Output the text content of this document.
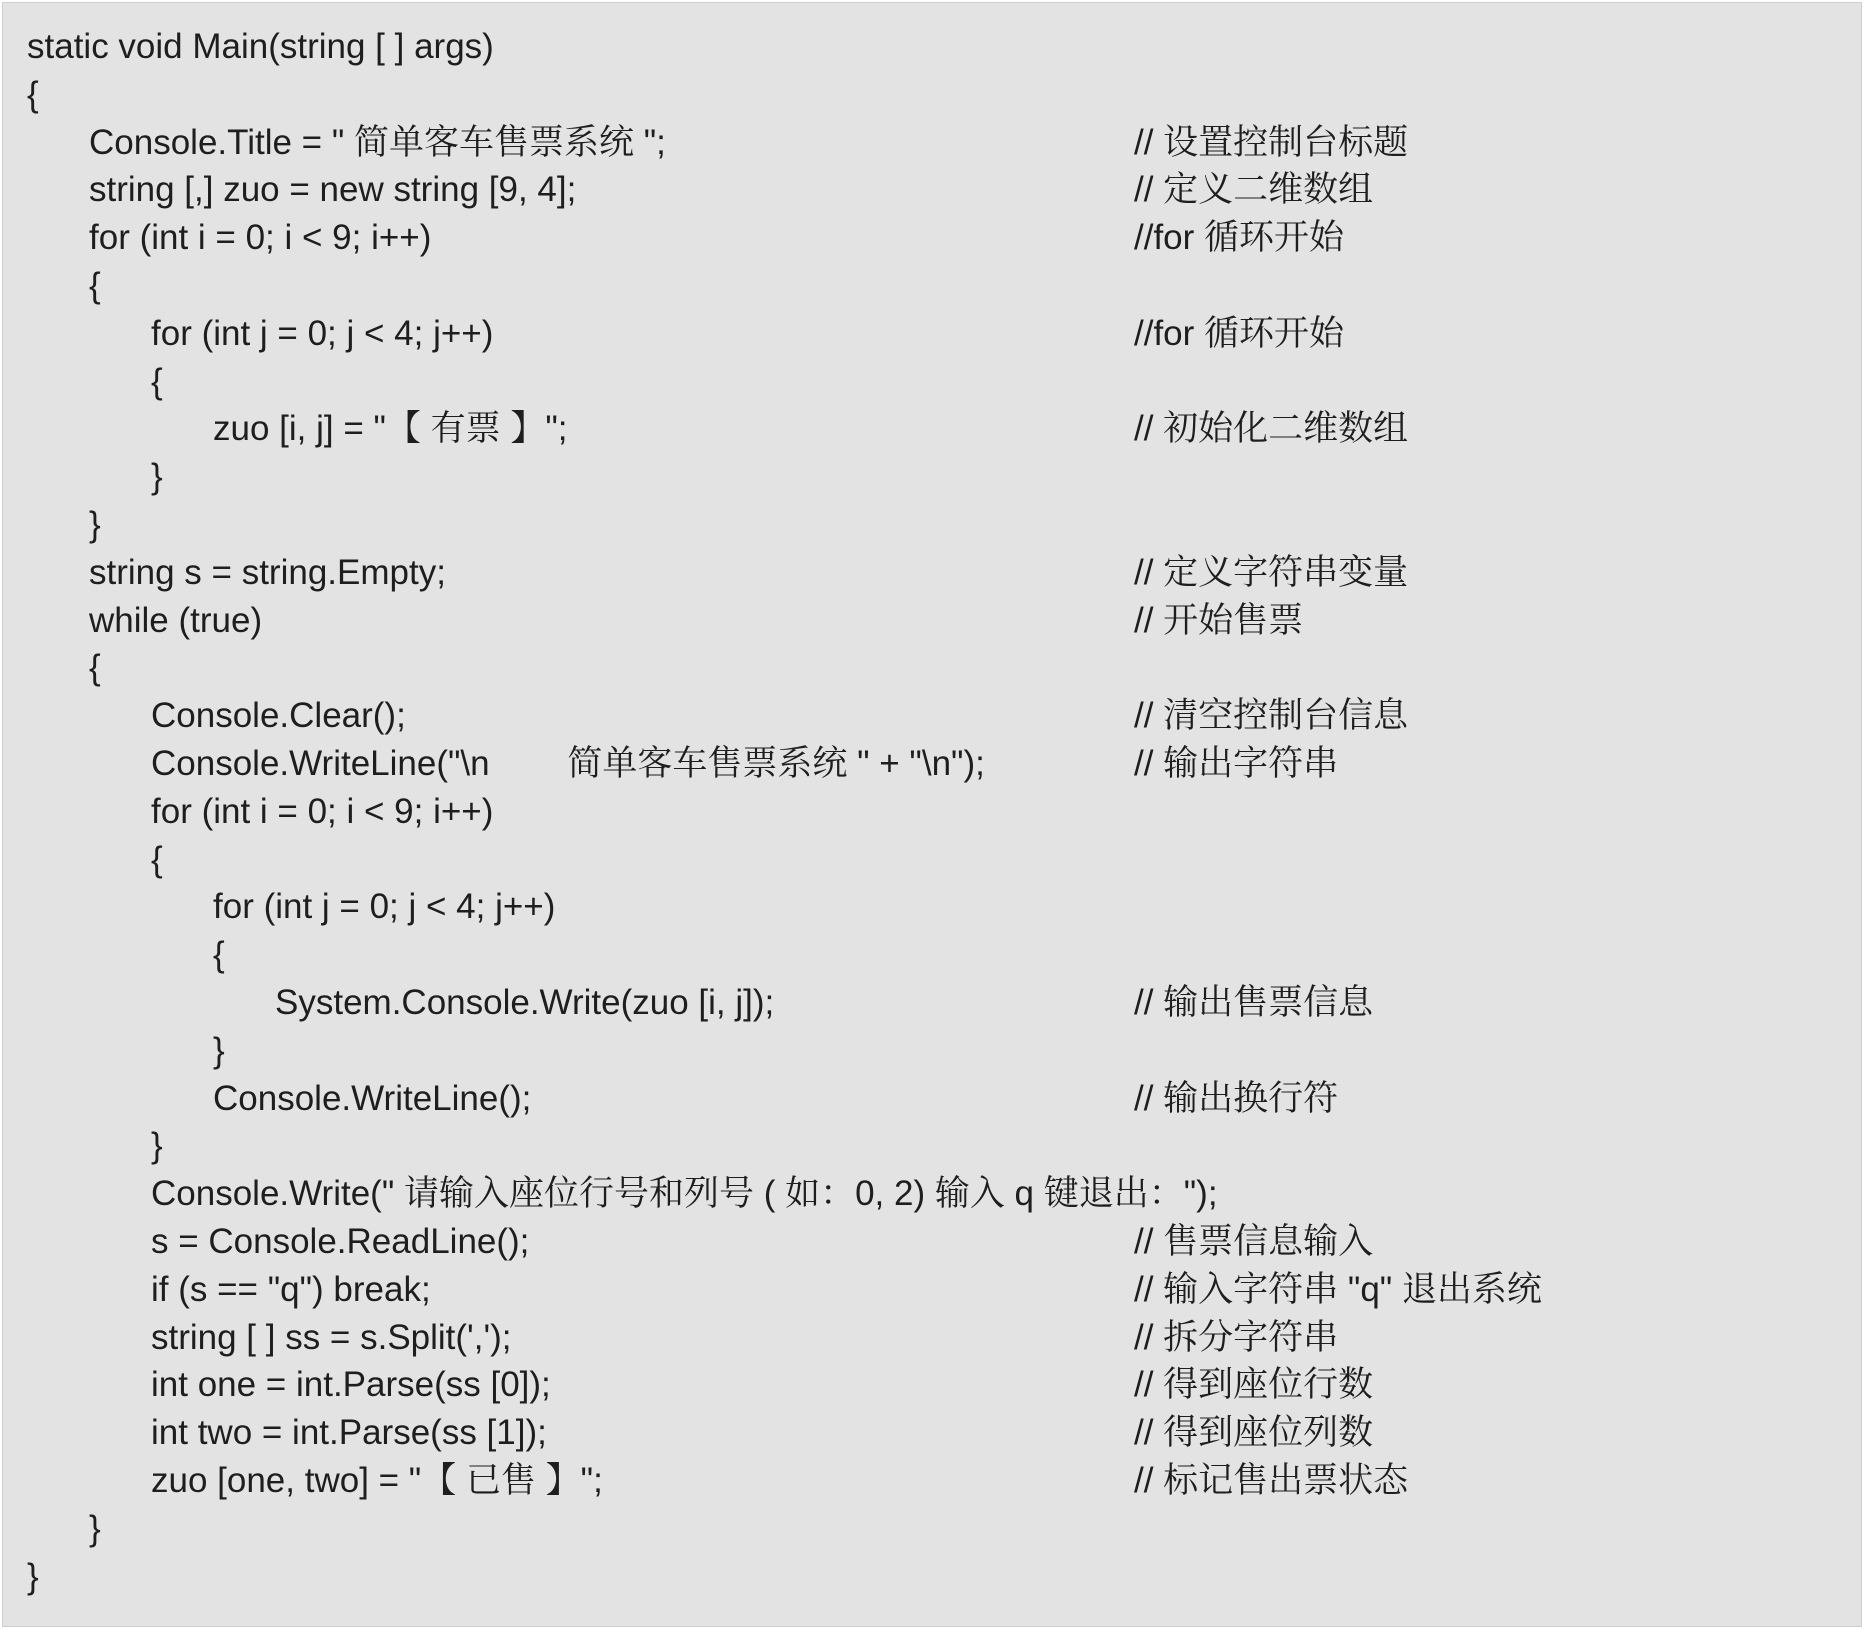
static void Main(string [ ] args)
{
Console.Title = " 简单客车售票系统 ";	// 设置控制台标题
string [,] zuo = new string [9, 4];	// 定义二维数组
for (int i = 0; i < 9; i++)	//for 循环开始
{
for (int j = 0; j < 4; j++)	//for 循环开始
{
zuo [i, j] = "【 有票 】";	// 初始化二维数组
}
}
string s = string.Empty;	// 定义字符串变量
while (true)	// 开始售票
{
Console.Clear();	// 清空控制台信息
Console.WriteLine("\n        简单客车售票系统 " + "\n");	// 输出字符串
for (int i = 0; i < 9; i++)
{
for (int j = 0; j < 4; j++)
{
System.Console.Write(zuo [i, j]);	// 输出售票信息
}
Console.WriteLine();	// 输出换行符
}
Console.Write(" 请输入座位行号和列号 ( 如：0, 2) 输入 q 键退出：");
s = Console.ReadLine();	// 售票信息输入
if (s == "q") break;	// 输入字符串 "q" 退出系统
string [ ] ss = s.Split(',');	// 拆分字符串
int one = int.Parse(ss [0]);	// 得到座位行数
int two = int.Parse(ss [1]);	// 得到座位列数
zuo [one, two] = "【 已售 】";	// 标记售出票状态
}
}
